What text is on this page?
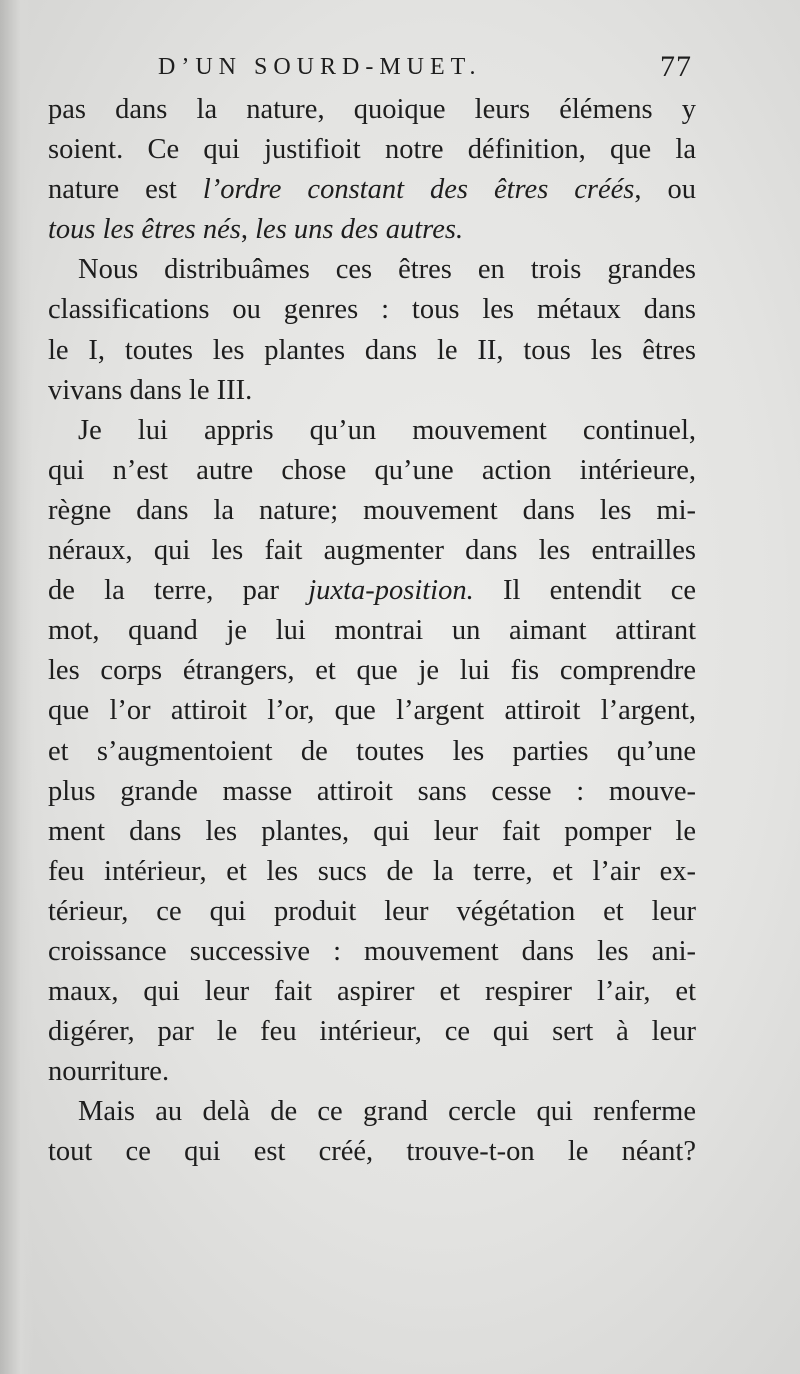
D’UN SOURD-MUET.	77
pas dans la nature, quoique leurs élémens y
soient. Ce qui justifioit notre définition, que la
nature est l’ordre constant des êtres créés, ou
tous les êtres nés, les uns des autres.
Nous distribuâmes ces êtres en trois grandes
classifications ou genres : tous les métaux dans
le I, toutes les plantes dans le II, tous les êtres
vivans dans le III.
Je lui appris qu’un mouvement continuel,
qui n’est autre chose qu’une action intérieure,
règne dans la nature; mouvement dans les mi-
néraux, qui les fait augmenter dans les entrailles
de la terre, par juxta-position. Il entendit ce
mot, quand je lui montrai un aimant attirant
les corps étrangers, et que je lui fis comprendre
que l’or attiroit l’or, que l’argent attiroit l’argent,
et s’augmentoient de toutes les parties qu’une
plus grande masse attiroit sans cesse : mouve-
ment dans les plantes, qui leur fait pomper le
feu intérieur, et les sucs de la terre, et l’air ex-
térieur, ce qui produit leur végétation et leur
croissance successive : mouvement dans les ani-
maux, qui leur fait aspirer et respirer l’air, et
digérer, par le feu intérieur, ce qui sert à leur
nourriture.
Mais au delà de ce grand cercle qui renferme
tout ce qui est créé, trouve-t-on le néant?
